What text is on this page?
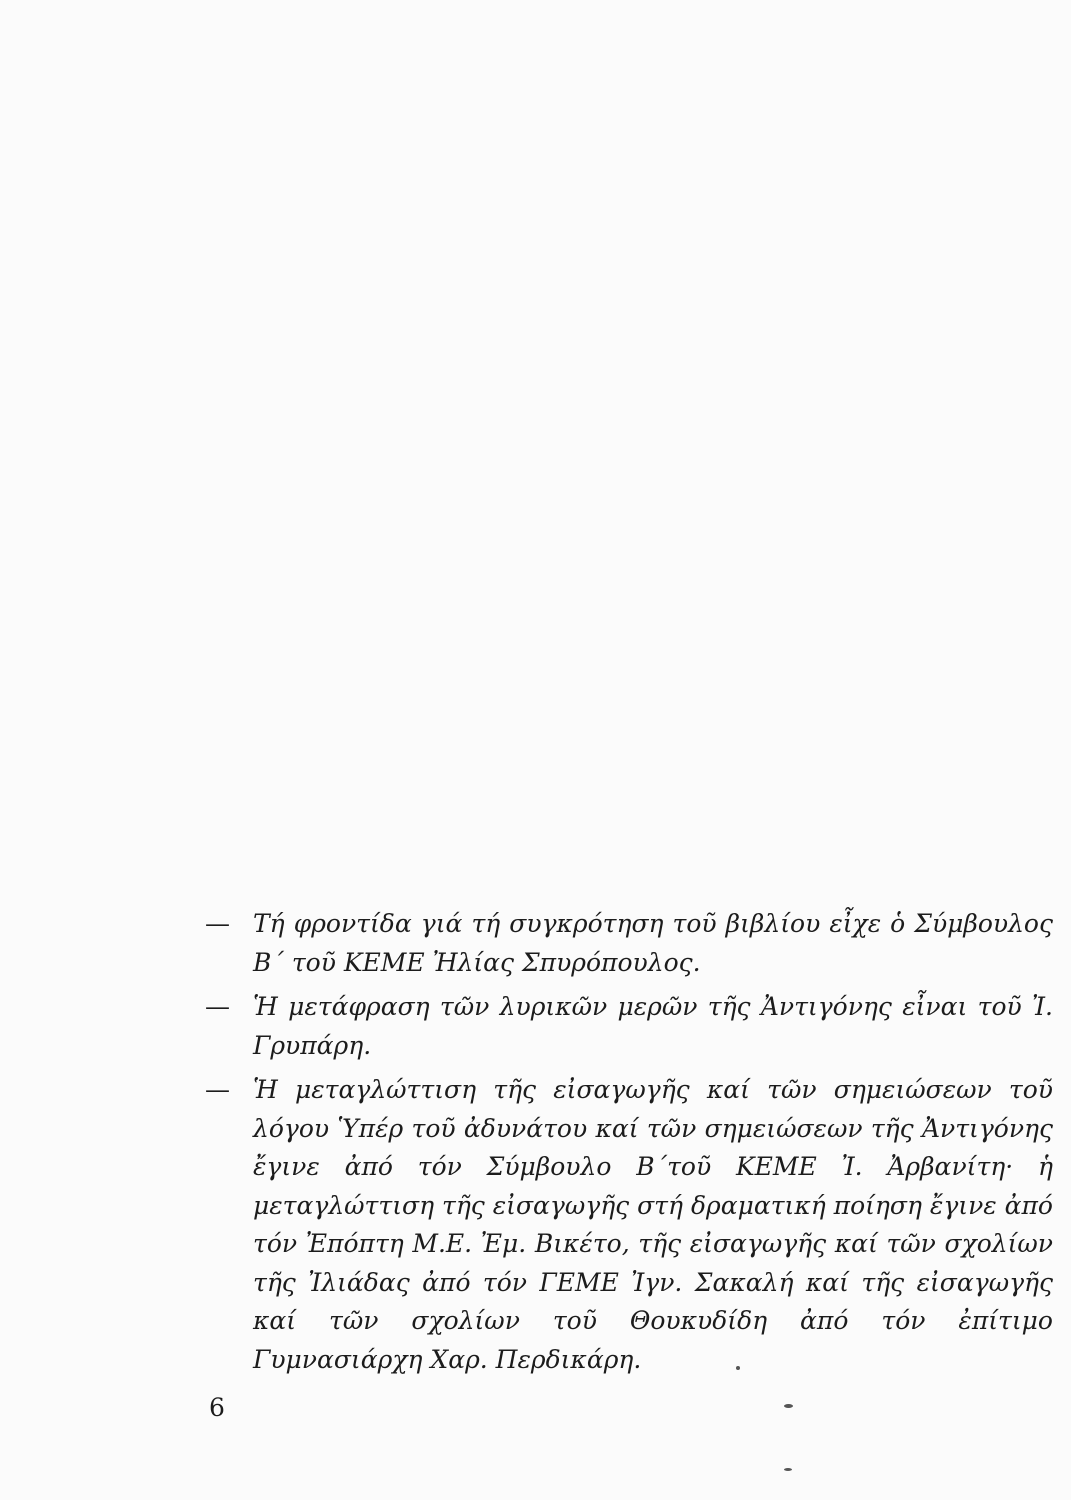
— Τή φροντίδα γιά τή συγκρότηση τοῦ βιβλίου εἶχε ὁ Σύμβουλος Β΄ τοῦ ΚΕΜΕ Ἠλίας Σπυρόπουλος.
— Ἡ μετάφραση τῶν λυρικῶν μερῶν τῆς Ἀντιγόνης εἶναι τοῦ Ἰ. Γρυπάρη.
— Ἡ μεταγλώττιση τῆς εἰσαγωγῆς καί τῶν σημειώσεων τοῦ λόγου Ὑπέρ τοῦ ἀδυνάτου καί τῶν σημειώσεων τῆς Ἀντιγόνης ἔγινε ἀπό τόν Σύμβουλο Β΄τοῦ ΚΕΜΕ Ἰ. Ἀρβανίτη· ἡ μεταγλώττιση τῆς εἰσαγωγῆς στή δραματική ποίηση ἔγινε ἀπό τόν Ἐπόπτη Μ.Ε. Ἐμ. Βικέτο, τῆς εἰσαγωγῆς καί τῶν σχολίων τῆς Ἰλιάδας ἀπό τόν ΓΕΜΕ Ἰγν. Σακαλή καί τῆς εἰσαγωγῆς καί τῶν σχολίων τοῦ Θουκυδίδη ἀπό τόν ἐπίτιμο Γυμνασιάρχη Χαρ. Περδικάρη.
6
